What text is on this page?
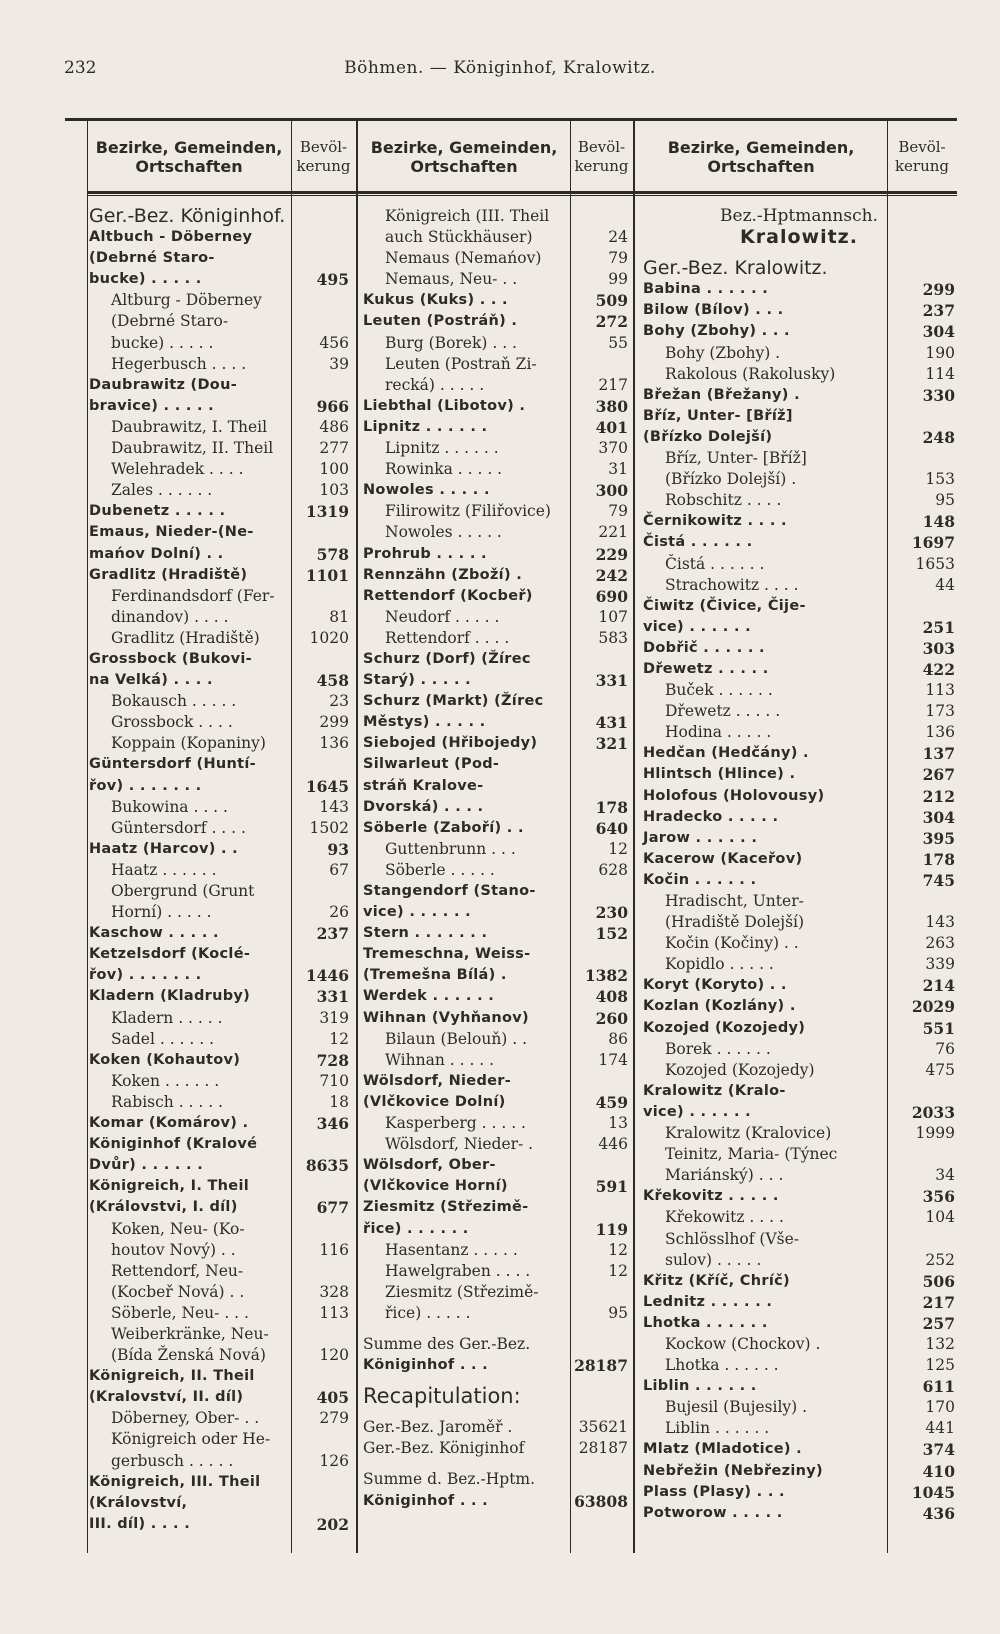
232	Böhmen. — Königinhof, Kralowitz.
Bezirke, Gemeinden,
Ortschaften
Bevöl-
kerung
Bezirke, Gemeinden,
Ortschaften
Bevöl-
kerung
Bezirke, Gemeinden,
Ortschaften
Bevöl-
kerung
Ger.-Bez. Königinhof.
Altbuch - Döberney
(Debrné Staro-
bucke) . . . . .	495
Altburg - Döberney
(Debrné Staro-
bucke) . . . . .	456
Hegerbusch . . . .	39
Daubrawitz (Dou-
bravice) . . . . .	966
Daubrawitz, I. Theil	486
Daubrawitz, II. Theil	277
Welehradek . . . .	100
Zales . . . . . .	103
Dubenetz . . . . .	1319
Emaus, Nieder-(Ne-
mańov Dolní) . .	578
Gradlitz (Hradiště)	1101
Ferdinandsdorf (Fer-
dinandov) . . . .	81
Gradlitz (Hradiště)	1020
Grossbock (Bukovi-
na Velká) . . . .	458
Bokausch . . . . .	23
Grossbock . . . .	299
Koppain (Kopaniny)	136
Güntersdorf (Huntí-
řov) . . . . . . .	1645
Bukowina . . . .	143
Güntersdorf . . . .	1502
Haatz (Harcov) . .	93
Haatz . . . . . .	67
Obergrund (Grunt
Horní) . . . . .	26
Kaschow . . . . .	237
Ketzelsdorf (Koclé-
řov) . . . . . . .	1446
Kladern (Kladruby)	331
Kladern . . . . .	319
Sadel . . . . . .	12
Koken (Kohautov)	728
Koken . . . . . .	710
Rabisch . . . . .	18
Komar (Komárov) .	346
Königinhof (Kralové
Dvůr) . . . . . .	8635
Königreich, I. Theil
(Královstvi, I. díl)	677
Koken, Neu- (Ko-
houtov Nový) . .	116
Rettendorf, Neu-
(Kocbeř Nová) . .	328
Söberle, Neu- . . .	113
Weiberkränke, Neu-
(Bída Ženská Nová)	120
Königreich, II. Theil
(Kralovství, II. díl)	405
Döberney, Ober- . .	279
Königreich oder He-
gerbusch . . . . .	126
Königreich, III. Theil
(Království,
III. díl) . . . .	202
Königreich (III. Theil
auch Stückhäuser)	24
Nemaus (Nemańov)	79
Nemaus, Neu- . .	99
Kukus (Kuks) . . .	509
Leuten (Postráň) .	272
Burg (Borek) . . .	55
Leuten (Postraň Zi-
recká) . . . . .	217
Liebthal (Libotov) .	380
Lipnitz . . . . . .	401
Lipnitz . . . . . .	370
Rowinka . . . . .	31
Nowoles . . . . .	300
Filirowitz (Filiřovice)	79
Nowoles . . . . .	221
Prohrub . . . . .	229
Rennzähn (Zboží) .	242
Rettendorf (Kocbeř)	690
Neudorf . . . . .	107
Rettendorf . . . .	583
Schurz (Dorf) (Žírec
Starý) . . . . .	331
Schurz (Markt) (Žírec
Městys) . . . . .	431
Siebojed (Hřibojedy)	321
Silwarleut (Pod-
stráň Kralove-
Dvorská) . . . .	178
Söberle (Zaboří) . .	640
Guttenbrunn . . .	12
Söberle . . . . .	628
Stangendorf (Stano-
vice) . . . . . .	230
Stern . . . . . . .	152
Tremeschna, Weiss-
(Tremešna Bílá) .	1382
Werdek . . . . . .	408
Wihnan (Vyhňanov)	260
Bilaun (Belouň) . .	86
Wihnan . . . . .	174
Wölsdorf, Nieder-
(Vlčkovice Dolní)	459
Kasperberg . . . . .	13
Wölsdorf, Nieder- .	446
Wölsdorf, Ober-
(Vlčkovice Horní)	591
Ziesmitz (Střezimě-
řice) . . . . . .	119
Hasentanz . . . . .	12
Hawelgraben . . . .	12
Ziesmitz (Střezimě-
řice) . . . . .	95
Summe des Ger.-Bez.
Königinhof . . .	28187
Recapitulation:
Ger.-Bez. Jaroměř .	35621
Ger.-Bez. Königinhof	28187
Summe d. Bez.-Hptm.
Königinhof . . .	63808
Bez.-Hptmannsch.
Kralowitz.
Ger.-Bez. Kralowitz.
Babina . . . . . .	299
Bilow (Bílov) . . .	237
Bohy (Zbohy) . . .	304
Bohy (Zbohy) .	190
Rakolous (Rakolusky)	114
Břežan (Břežany) .	330
Bříz, Unter- [Bříž]
(Břízko Dolejší)	248
Bříz, Unter- [Bříž]
(Břízko Dolejší) .	153
Robschitz . . . .	95
Černikowitz . . . .	148
Čistá . . . . . .	1697
Čistá . . . . . .	1653
Strachowitz . . . .	44
Čiwitz (Čivice, Čije-
vice) . . . . . .	251
Dobřič . . . . . .	303
Dřewetz . . . . .	422
Buček . . . . . .	113
Dřewetz . . . . .	173
Hodina . . . . .	136
Hedčan (Hedčány) .	137
Hlintsch (Hlince) .	267
Holofous (Holovousy)	212
Hradecko . . . . .	304
Jarow . . . . . .	395
Kacerow (Kaceřov)	178
Kočin . . . . . .	745
Hradischt, Unter-
(Hradiště Dolejší)	143
Kočin (Kočiny) . .	263
Kopidlo . . . . .	339
Koryt (Koryto) . .	214
Kozlan (Kozlány) .	2029
Kozojed (Kozojedy)	551
Borek . . . . . .	76
Kozojed (Kozojedy)	475
Kralowitz (Kralo-
vice) . . . . . .	2033
Kralowitz (Kralovice)	1999
Teinitz, Maria- (Týnec
Mariánský) . . .	34
Křekovitz . . . . .	356
Křekowitz . . . .	104
Schlösslhof (Vše-
sulov) . . . . .	252
Křitz (Kříč, Chríč)	506
Lednitz . . . . . .	217
Lhotka . . . . . .	257
Kockow (Chockov) .	132
Lhotka . . . . . .	125
Liblin . . . . . .	611
Bujesil (Bujesily) .	170
Liblin . . . . . .	441
Mlatz (Mladotice) .	374
Nebřežin (Nebřeziny)	410
Plass (Plasy) . . .	1045
Potworow . . . . .	436
